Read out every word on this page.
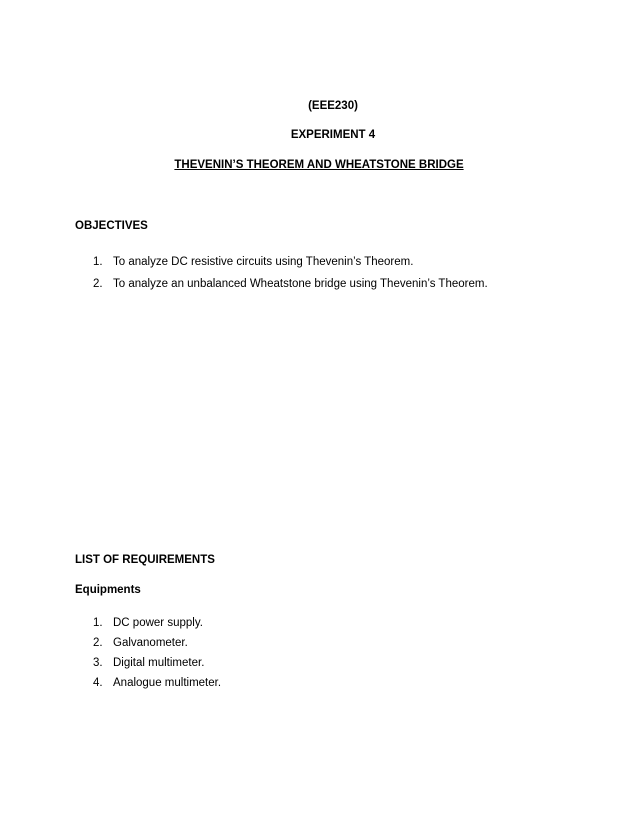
(EEE230)
EXPERIMENT 4
THEVENIN’S THEOREM AND WHEATSTONE BRIDGE
OBJECTIVES
1. To analyze DC resistive circuits using Thevenin’s Theorem.
2. To analyze an unbalanced Wheatstone bridge using Thevenin’s Theorem.
LIST OF REQUIREMENTS
Equipments
1. DC power supply.
2. Galvanometer.
3. Digital multimeter.
4. Analogue multimeter.
